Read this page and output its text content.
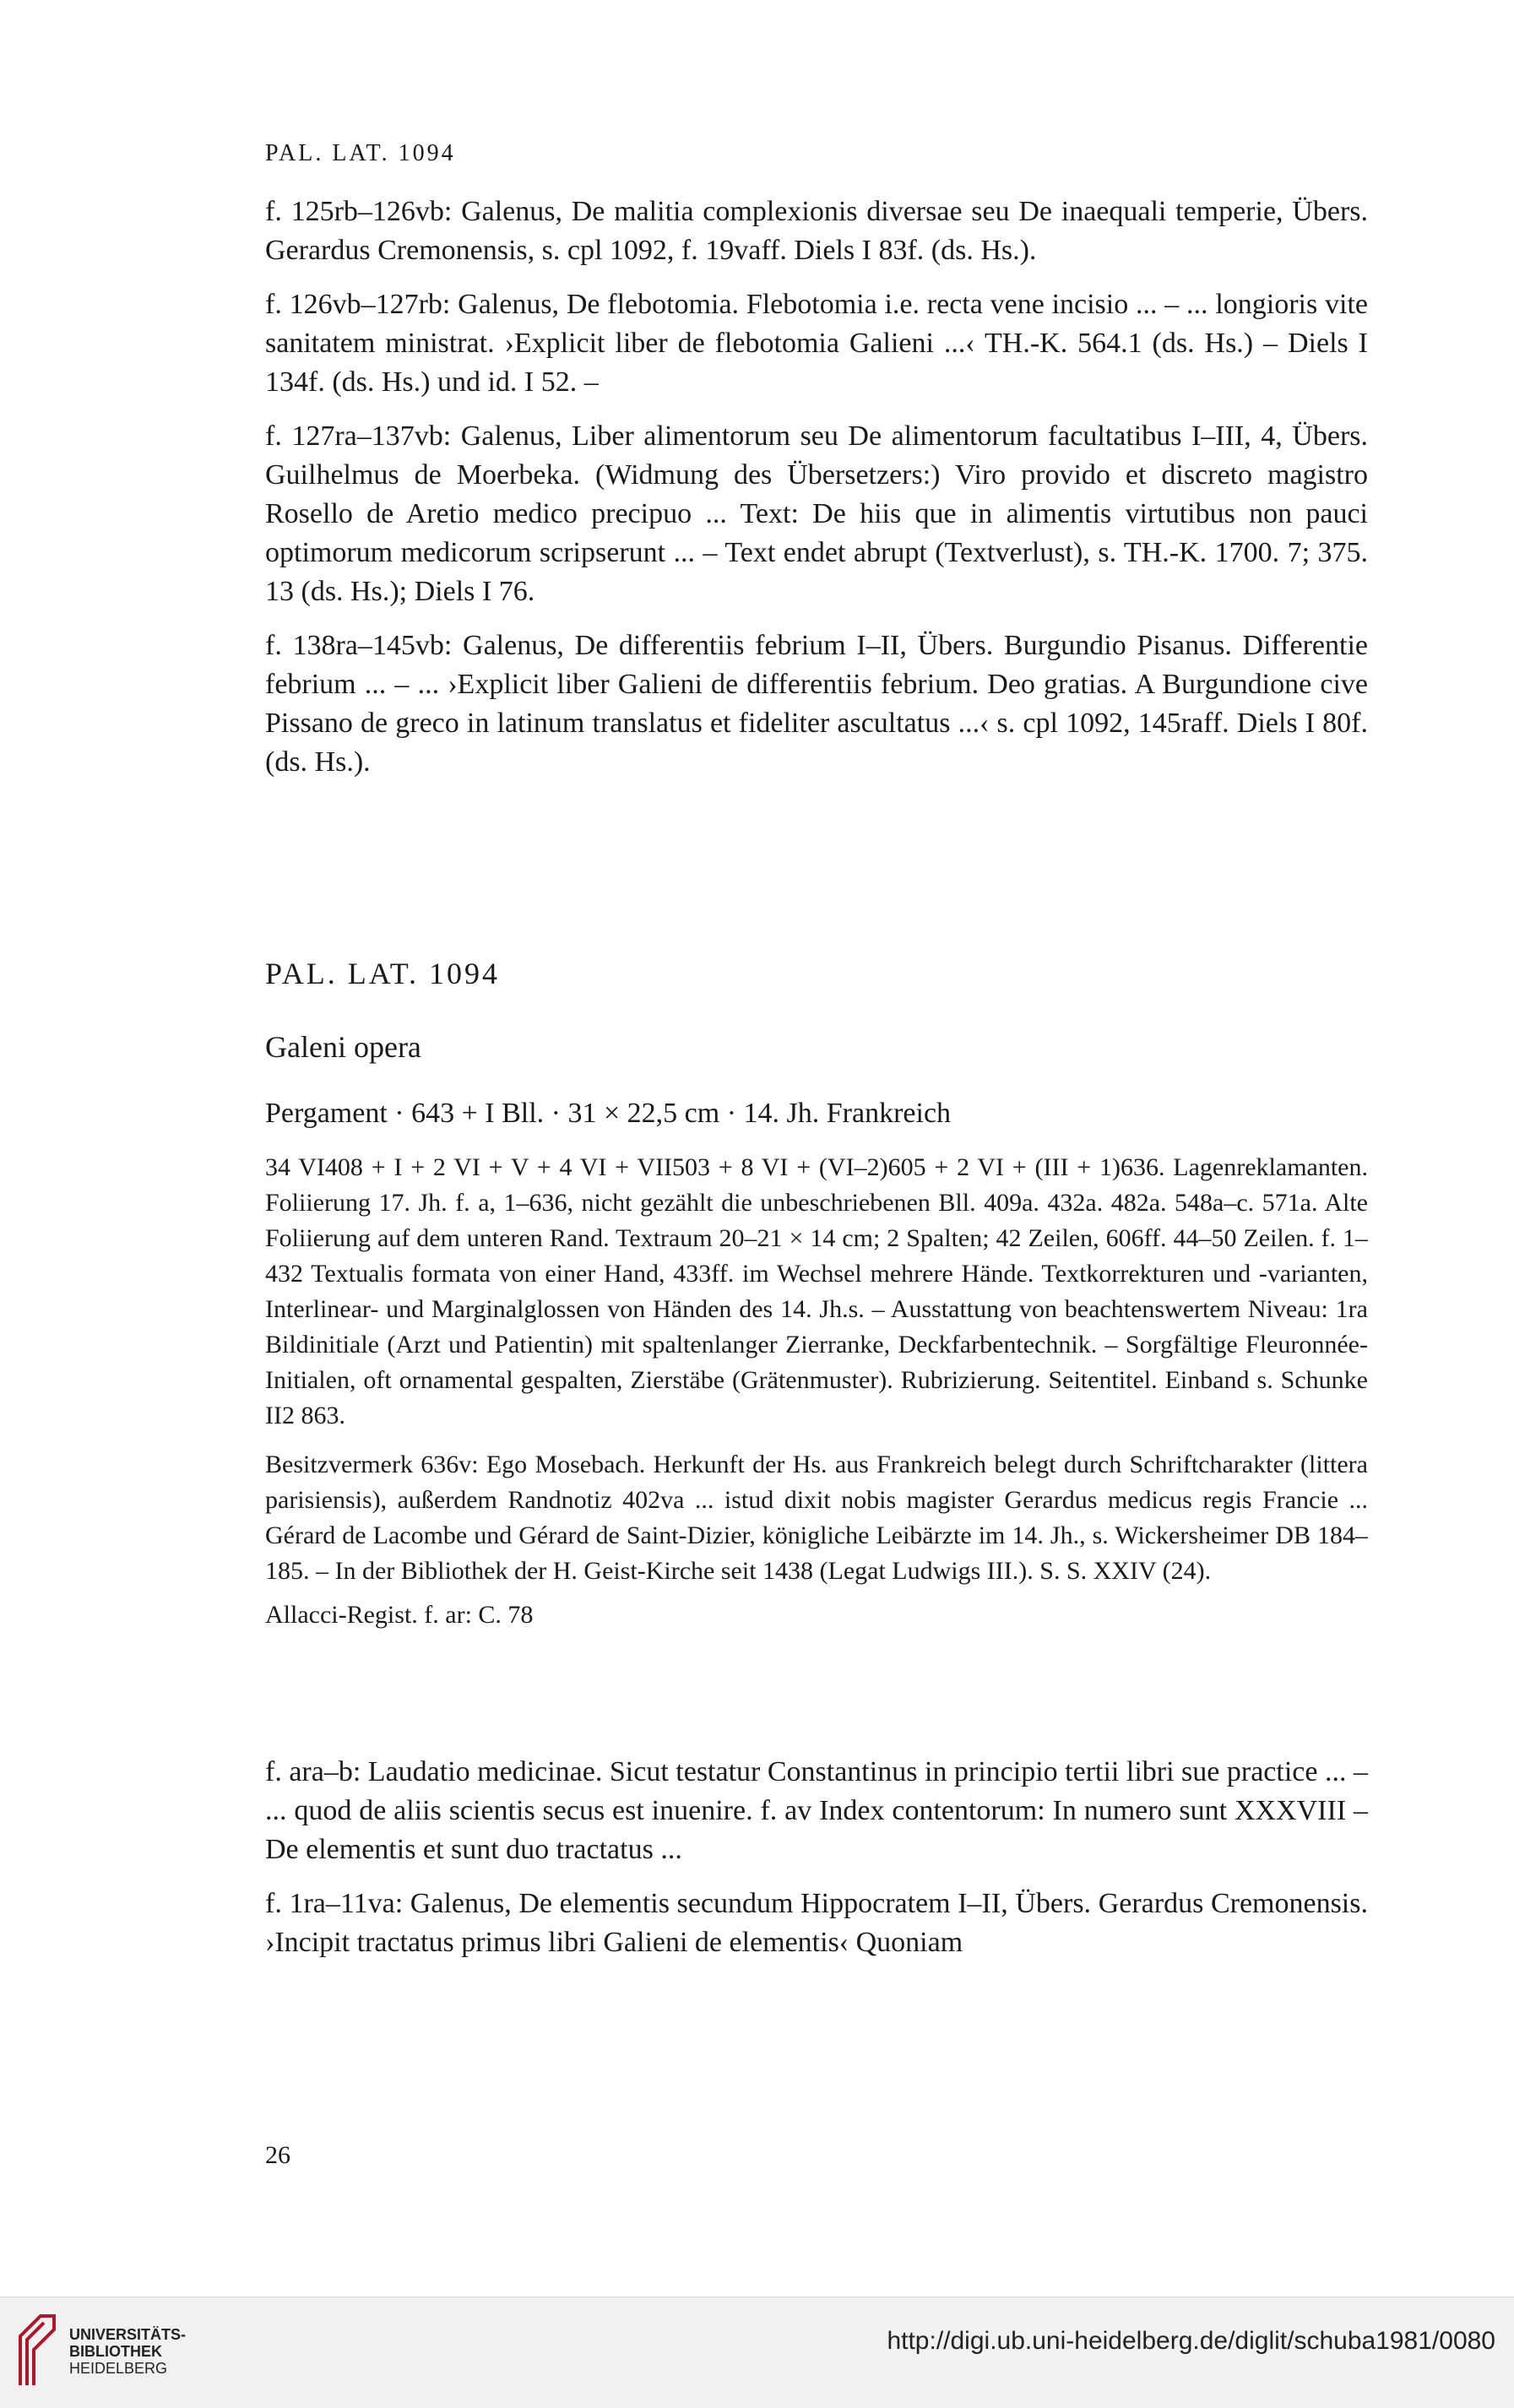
PAL. LAT. 1094

f. 125rb–126vb: Galenus, De malitia complexionis diversae seu De inaequali temperie, Übers. Gerardus Cremonensis, s. cpl 1092, f. 19vaff. Diels I 83f. (ds. Hs.).

f. 126vb–127rb: Galenus, De flebotomia. Flebotomia i.e. recta vene incisio ... – ... longioris vite sanitatem ministrat. ›Explicit liber de flebotomia Galieni ...‹ TH.-K. 564.1 (ds. Hs.) – Diels I 134f. (ds. Hs.) und id. I 52. –

f. 127ra–137vb: Galenus, Liber alimentorum seu De alimentorum facultatibus I–III, 4, Übers. Guilhelmus de Moerbeka. (Widmung des Übersetzers:) Viro provido et discreto magistro Rosello de Aretio medico precipuo ... Text: De hiis que in alimentis virtutibus non pauci optimorum medicorum scripserunt ... – Text endet abrupt (Textverlust), s. TH.-K. 1700. 7; 375. 13 (ds. Hs.); Diels I 76.

f. 138ra–145vb: Galenus, De differentiis febrium I–II, Übers. Burgundio Pisanus. Differentie febrium ... – ... ›Explicit liber Galieni de differentiis febrium. Deo gratias. A Burgundione cive Pissano de greco in latinum translatus et fideliter ascultatus ...‹ s. cpl 1092, 145raff. Diels I 80f. (ds. Hs.).

PAL. LAT. 1094
Galeni opera

Pergament · 643 + I Bll. · 31 × 22,5 cm · 14. Jh. Frankreich

34 VI408 + I + 2 VI + V + 4 VI + VII503 + 8 VI + (VI–2)605 + 2 VI + (III + 1)636. Lagenreklamanten. Foliierung 17. Jh. f. a, 1–636, nicht gezählt die unbeschriebenen Bll. 409a. 432a. 482a. 548a–c. 571a. Alte Foliierung auf dem unteren Rand. Textraum 20–21 × 14 cm; 2 Spalten; 42 Zeilen, 606ff. 44–50 Zeilen. f. 1–432 Textualis formata von einer Hand, 433ff. im Wechsel mehrere Hände. Textkorrekturen und -varianten, Interlinear- und Marginalglossen von Händen des 14. Jh.s. – Ausstattung von beachtenswertem Niveau: 1ra Bildinitiale (Arzt und Patientin) mit spaltenlanger Zierranke, Deckfarbentechnik. – Sorgfältige Fleuronnée-Initialen, oft ornamental gespalten, Zierstäbe (Grätenmuster). Rubrizierung. Seitentitel. Einband s. Schunke II2 863.

Besitzvermerk 636v: Ego Mosebach. Herkunft der Hs. aus Frankreich belegt durch Schriftcharakter (littera parisiensis), außerdem Randnotiz 402va ... istud dixit nobis magister Gerardus medicus regis Francie ... Gérard de Lacombe und Gérard de Saint-Dizier, königliche Leibärzte im 14. Jh., s. Wickersheimer DB 184–185. – In der Bibliothek der H. Geist-Kirche seit 1438 (Legat Ludwigs III.). S. S. XXIV (24).

Allacci-Regist. f. ar: C. 78

f. ara–b: Laudatio medicinae. Sicut testatur Constantinus in principio tertii libri sue practice ... – ... quod de aliis scientis secus est inuenire. f. av Index contentorum: In numero sunt XXXVIII – De elementis et sunt duo tractatus ...

f. 1ra–11va: Galenus, De elementis secundum Hippocratem I–II, Übers. Gerardus Cremonensis. ›Incipit tractatus primus libri Galieni de elementis‹ Quoniam

26
UNIVERSITÄTS-
BIBLIOTHEK
HEIDELBERG
http://digi.ub.uni-heidelberg.de/diglit/schuba1981/0080
